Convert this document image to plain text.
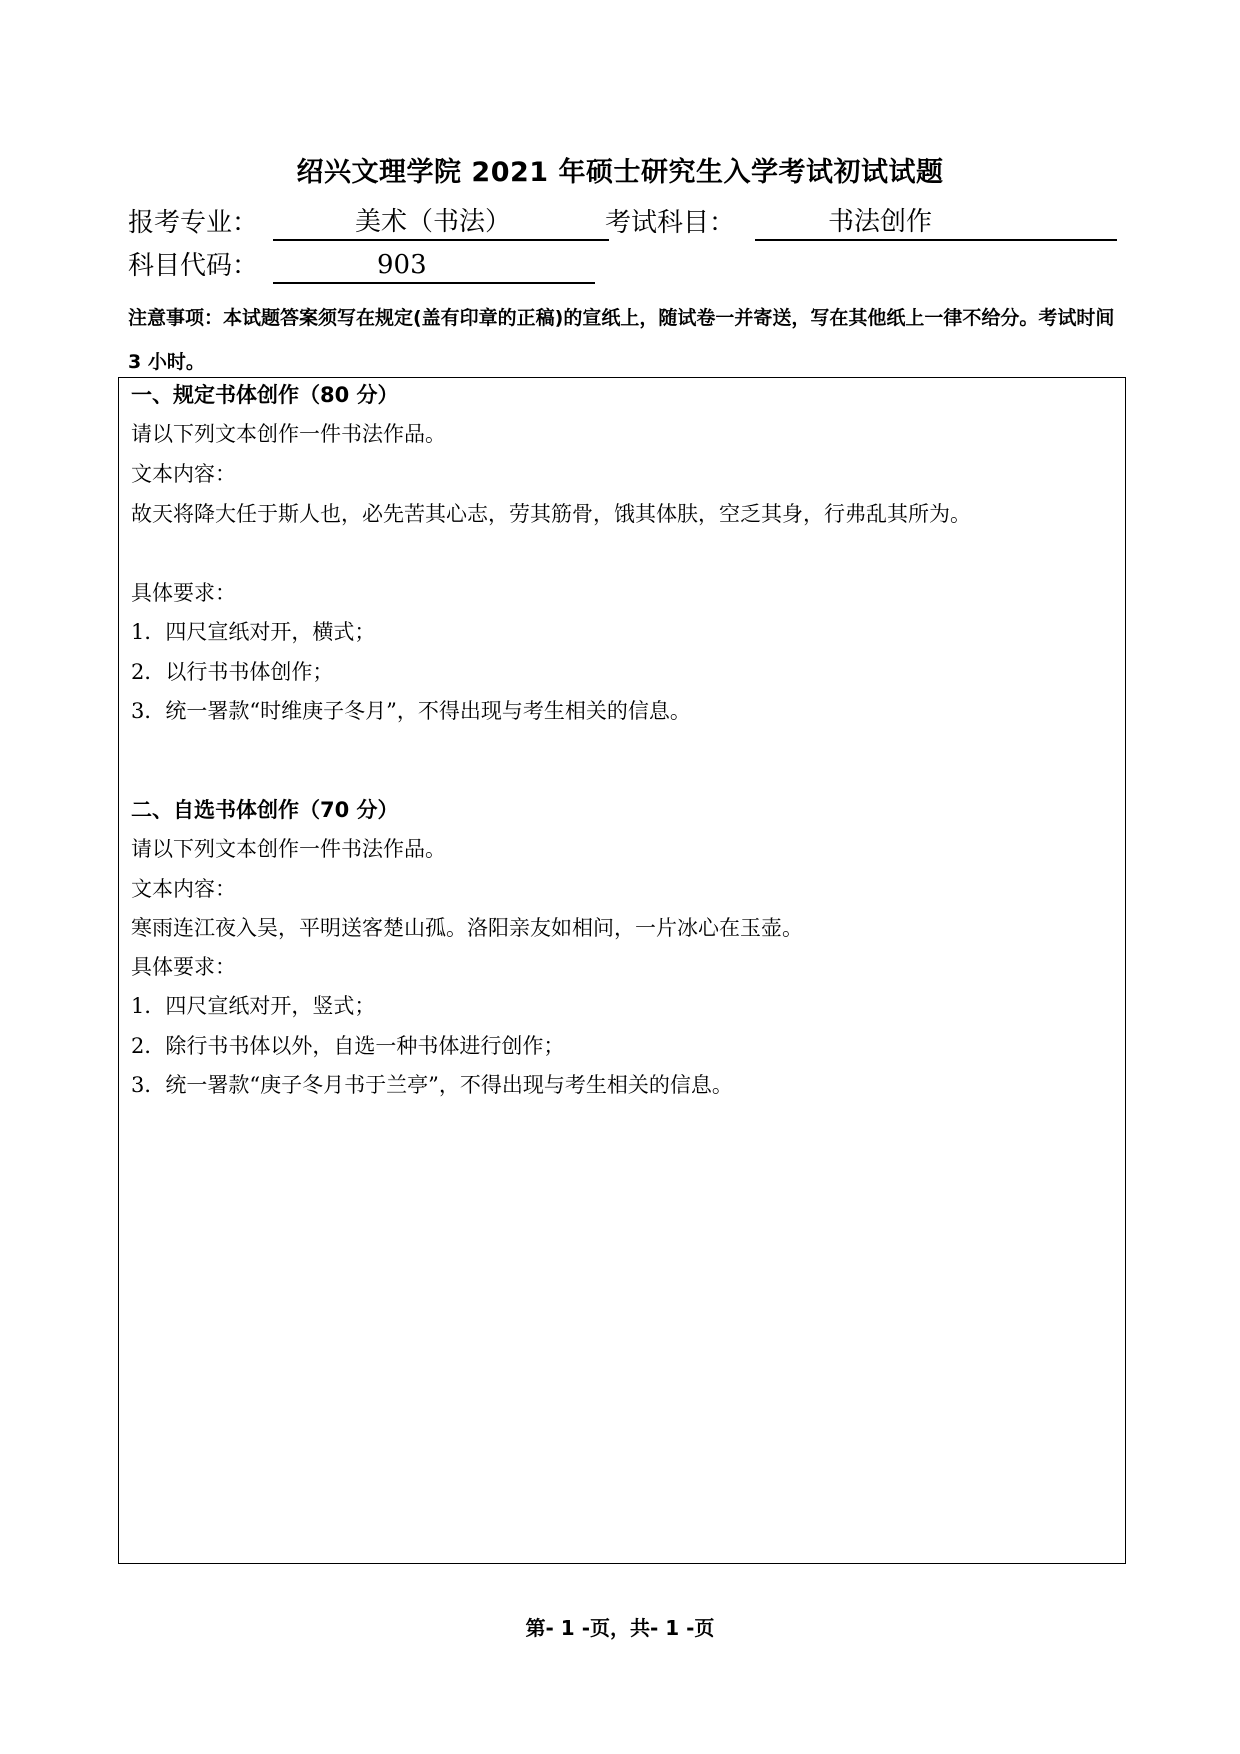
绍兴文理学院 2021 年硕士研究生入学考试初试试题
报考专业：	美术（书法）	考试科目：	书法创作
科目代码：	903
注意事项：本试题答案须写在规定(盖有印章的正稿)的宣纸上，随试卷一并寄送，写在其他纸上一律不给分。考试时间 3 小时。
一、规定书体创作（80 分）
请以下列文本创作一件书法作品。
文本内容：
故天将降大任于斯人也，必先苦其心志，劳其筋骨，饿其体肤，空乏其身，行弗乱其所为。
具体要求：
1．四尺宣纸对开，横式；
2．以行书书体创作；
3．统一署款“时维庚子冬月”，不得出现与考生相关的信息。
二、自选书体创作（70 分）
请以下列文本创作一件书法作品。
文本内容：
寒雨连江夜入吴，平明送客楚山孤。洛阳亲友如相问，一片冰心在玉壶。
具体要求：
1．四尺宣纸对开，竖式；
2．除行书书体以外，自选一种书体进行创作；
3．统一署款“庚子冬月书于兰亭”，不得出现与考生相关的信息。
第- 1 -页，共- 1 -页
